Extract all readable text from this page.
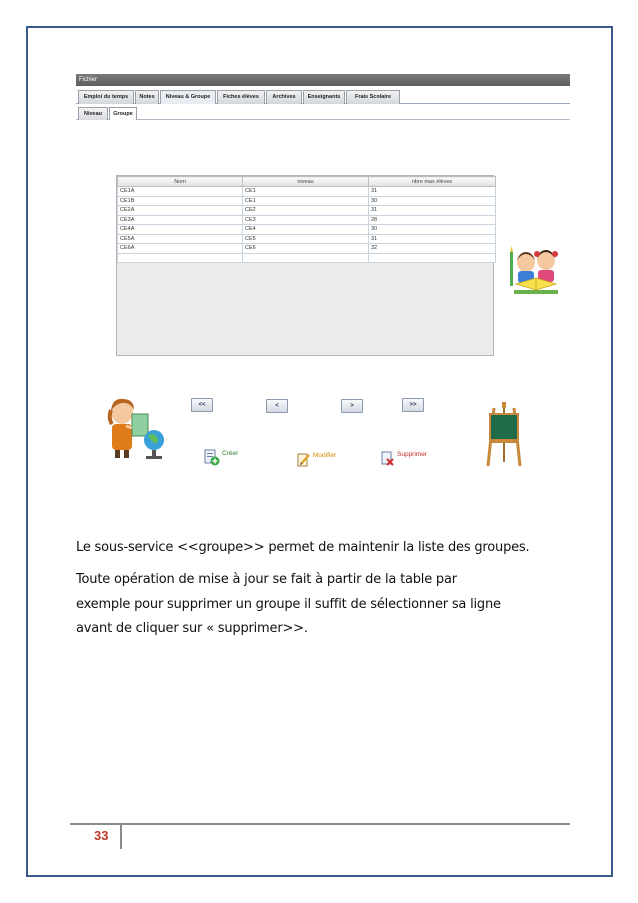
Fichier
Emploi du temps	Notes	Niveau & Groupe	Fiches élèves	Archives	Enseignants	Frais Scolaire
Niveau	Groupe
Nom	niveau	nbre max élèves
CE1A	CE1	31
CE1B	CE1	30
CE2A	CE2	31
CE3A	CE3	28
CE4A	CE4	30
CE5A	CE5	31
CE6A	CE6	32

<<	<	>	>>
Créer	Modifier	Supprimer

Le sous-service <<groupe>> permet de maintenir la liste des groupes.

Toute opération de mise à jour se fait à partir de la table par

exemple pour supprimer un groupe il suffit de sélectionner sa ligne

avant de cliquer sur « supprimer>>.

33
